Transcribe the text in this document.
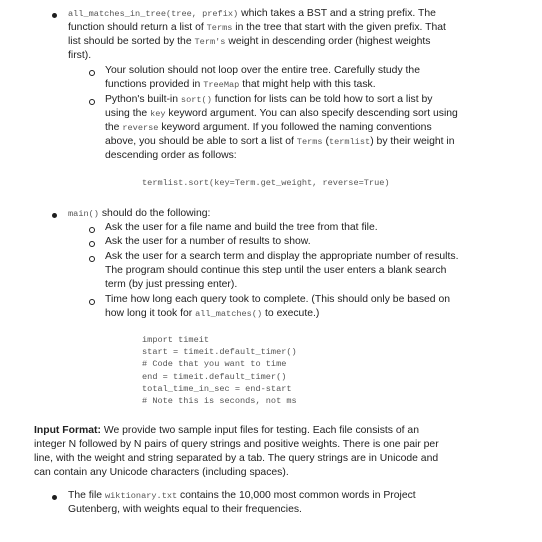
all_matches_in_tree(tree, prefix) which takes a BST and a string prefix. The
function should return a list of Terms in the tree that start with the given prefix. That
list should be sorted by the Term's weight in descending order (highest weights
first).
Your solution should not loop over the entire tree. Carefully study the
functions provided in TreeMap that might help with this task.
Python's built-in sort() function for lists can be told how to sort a list by
using the key keyword argument. You can also specify descending sort using
the reverse keyword argument. If you followed the naming conventions
above, you should be able to sort a list of Terms (termlist) by their weight in
descending order as follows:
termlist.sort(key=Term.get_weight, reverse=True)
main() should do the following:
Ask the user for a file name and build the tree from that file.
Ask the user for a number of results to show.
Ask the user for a search term and display the appropriate number of results.
The program should continue this step until the user enters a blank search
term (by just pressing enter).
Time how long each query took to complete. (This should only be based on
how long it took for all_matches() to execute.)
import timeit
start = timeit.default_timer()
# Code that you want to time
end = timeit.default_timer()
total_time_in_sec = end-start
# Note this is seconds, not ms
Input Format: We provide two sample input files for testing. Each file consists of an
integer N followed by N pairs of query strings and positive weights. There is one pair per
line, with the weight and string separated by a tab. The query strings are in Unicode and
can contain any Unicode characters (including spaces).
The file wiktionary.txt contains the 10,000 most common words in Project
Gutenberg, with weights equal to their frequencies.
